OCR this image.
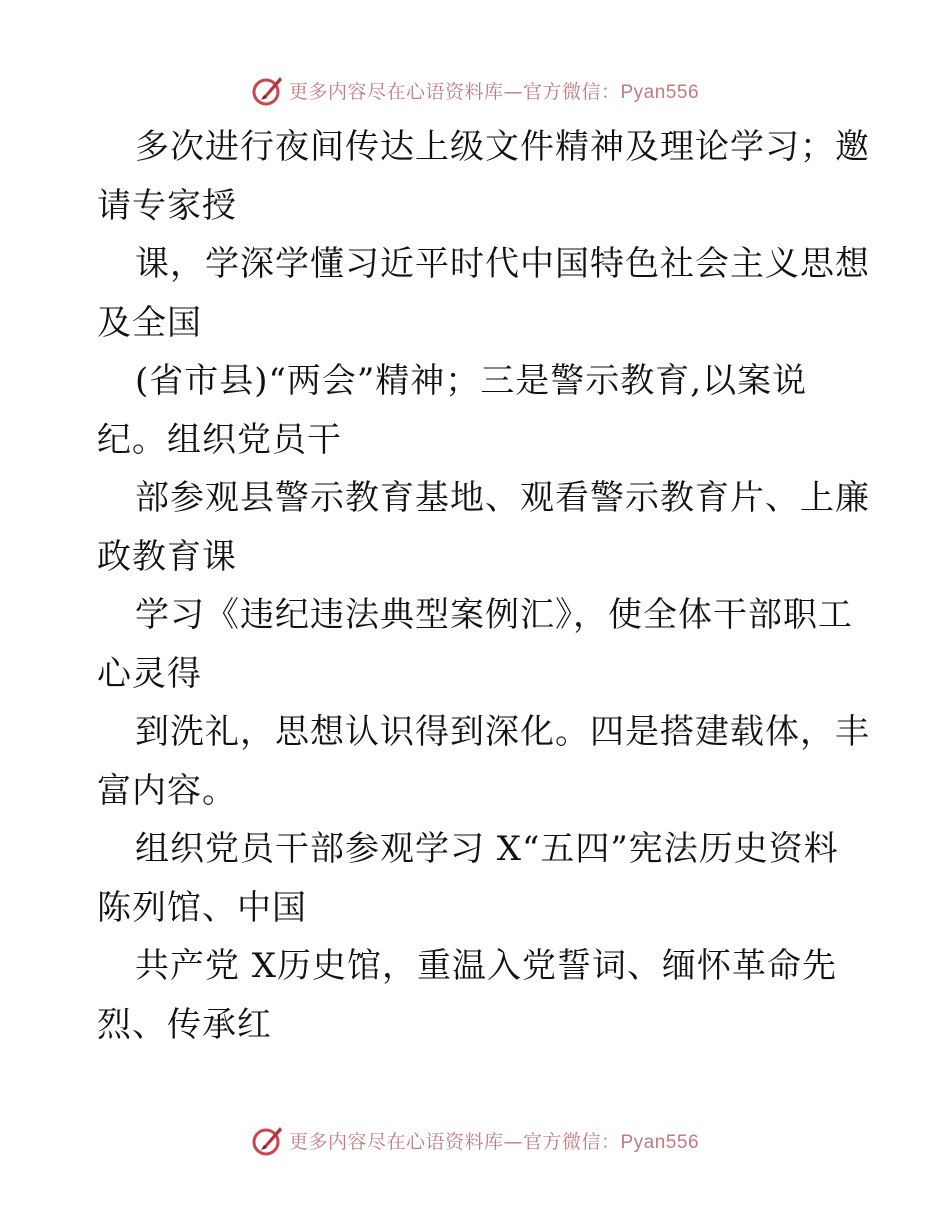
更多内容尽在心语资料库—官方微信：Pyan556
多次进行夜间传达上级文件精神及理论学习；邀
请专家授
课，学深学懂习近平时代中国特色社会主义思想
及全国
(省市县)“两会”精神；三是警示教育,以案说
纪。组织党员干
部参观县警示教育基地、观看警示教育片、上廉
政教育课
学习《违纪违法典型案例汇》，使全体干部职工
心灵得
到洗礼，思想认识得到深化。四是搭建载体，丰
富内容。
组织党员干部参观学习 X“五四”宪法历史资料
陈列馆、中国
共产党 X历史馆，重温入党誓词、缅怀革命先
烈、传承红
更多内容尽在心语资料库—官方微信：Pyan556
